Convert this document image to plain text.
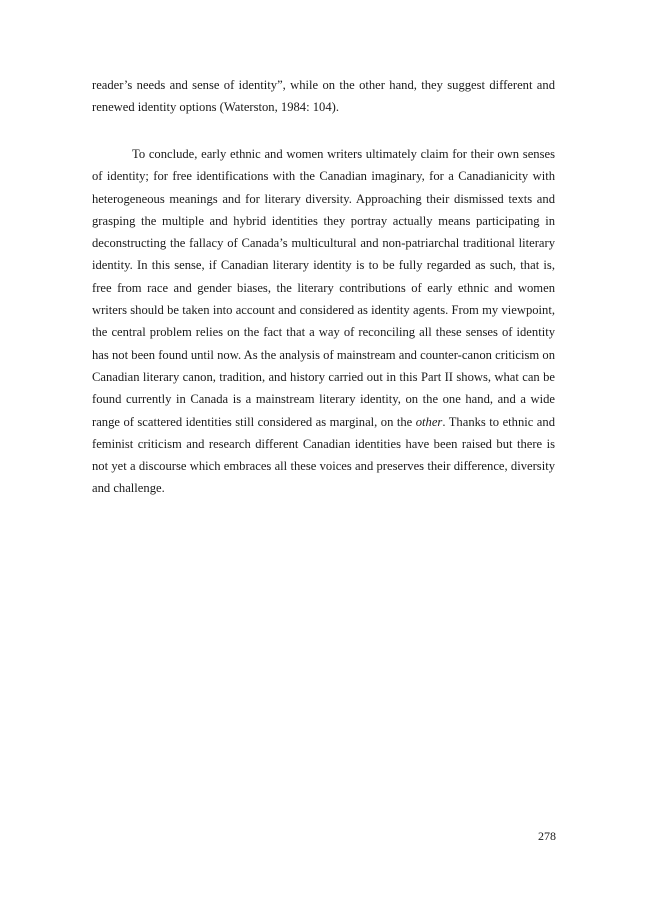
reader’s needs and sense of identity”, while on the other hand, they suggest different and renewed identity options (Waterston, 1984: 104).

To conclude, early ethnic and women writers ultimately claim for their own senses of identity; for free identifications with the Canadian imaginary, for a Canadianicity with heterogeneous meanings and for literary diversity. Approaching their dismissed texts and grasping the multiple and hybrid identities they portray actually means participating in deconstructing the fallacy of Canada’s multicultural and non-patriarchal traditional literary identity. In this sense, if Canadian literary identity is to be fully regarded as such, that is, free from race and gender biases, the literary contributions of early ethnic and women writers should be taken into account and considered as identity agents. From my viewpoint, the central problem relies on the fact that a way of reconciling all these senses of identity has not been found until now. As the analysis of mainstream and counter-canon criticism on Canadian literary canon, tradition, and history carried out in this Part II shows, what can be found currently in Canada is a mainstream literary identity, on the one hand, and a wide range of scattered identities still considered as marginal, on the other. Thanks to ethnic and feminist criticism and research different Canadian identities have been raised but there is not yet a discourse which embraces all these voices and preserves their difference, diversity and challenge.

278
